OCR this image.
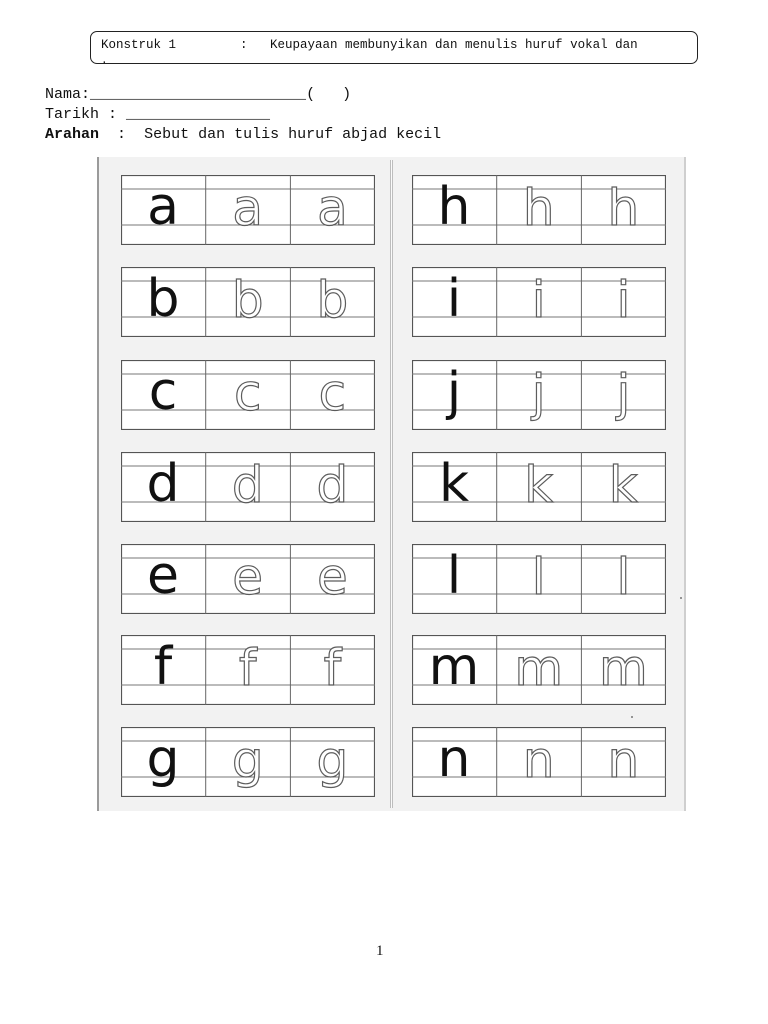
Konstruk 1	: Keupayaan membunyikan dan menulis huruf vokal dan
.
Nama:________________________(   )
Tarikh : ________________
Arahan : Sebut dan tulis huruf abjad kecil
a	a	a
b	b	b
c	c	c
d	d	d
e	e	e
f	f	f
g	g	g
h	h	h
i	i	i
j	j	j
k	k	k
l	l	l
m m m
n	n	n
1
